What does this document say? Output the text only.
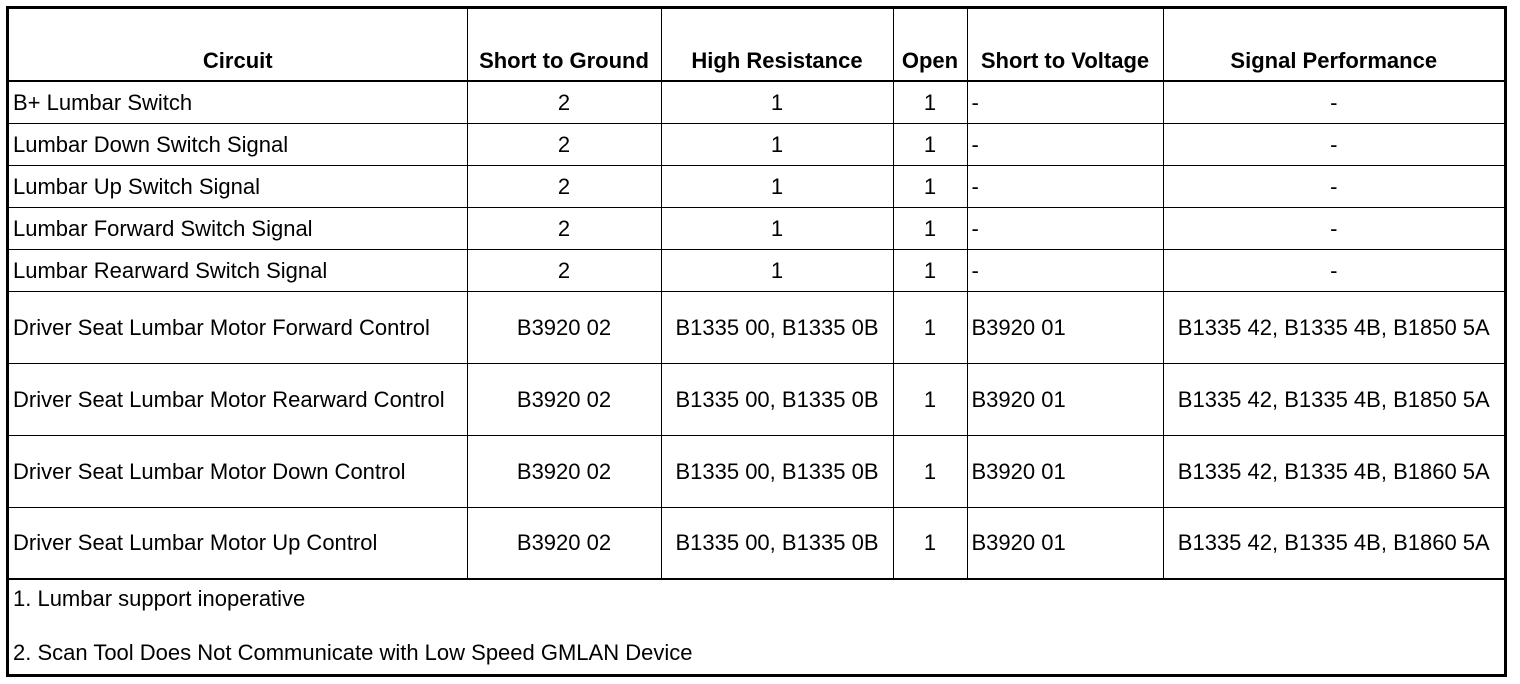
Circuit	Short to Ground	High Resistance	Open	Short to Voltage	Signal Performance
B+ Lumbar Switch	2	1	1	-	-
Lumbar Down Switch Signal	2	1	1	-	-
Lumbar Up Switch Signal	2	1	1	-	-
Lumbar Forward Switch Signal	2	1	1	-	-
Lumbar Rearward Switch Signal	2	1	1	-	-
Driver Seat Lumbar Motor Forward Control	B3920 02	B1335 00, B1335 0B	1	B3920 01	B1335 42, B1335 4B, B1850 5A
Driver Seat Lumbar Motor Rearward Control	B3920 02	B1335 00, B1335 0B	1	B3920 01	B1335 42, B1335 4B, B1850 5A
Driver Seat Lumbar Motor Down Control	B3920 02	B1335 00, B1335 0B	1	B3920 01	B1335 42, B1335 4B, B1860 5A
Driver Seat Lumbar Motor Up Control	B3920 02	B1335 00, B1335 0B	1	B3920 01	B1335 42, B1335 4B, B1860 5A

1. Lumbar support inoperative
2. Scan Tool Does Not Communicate with Low Speed GMLAN Device					
